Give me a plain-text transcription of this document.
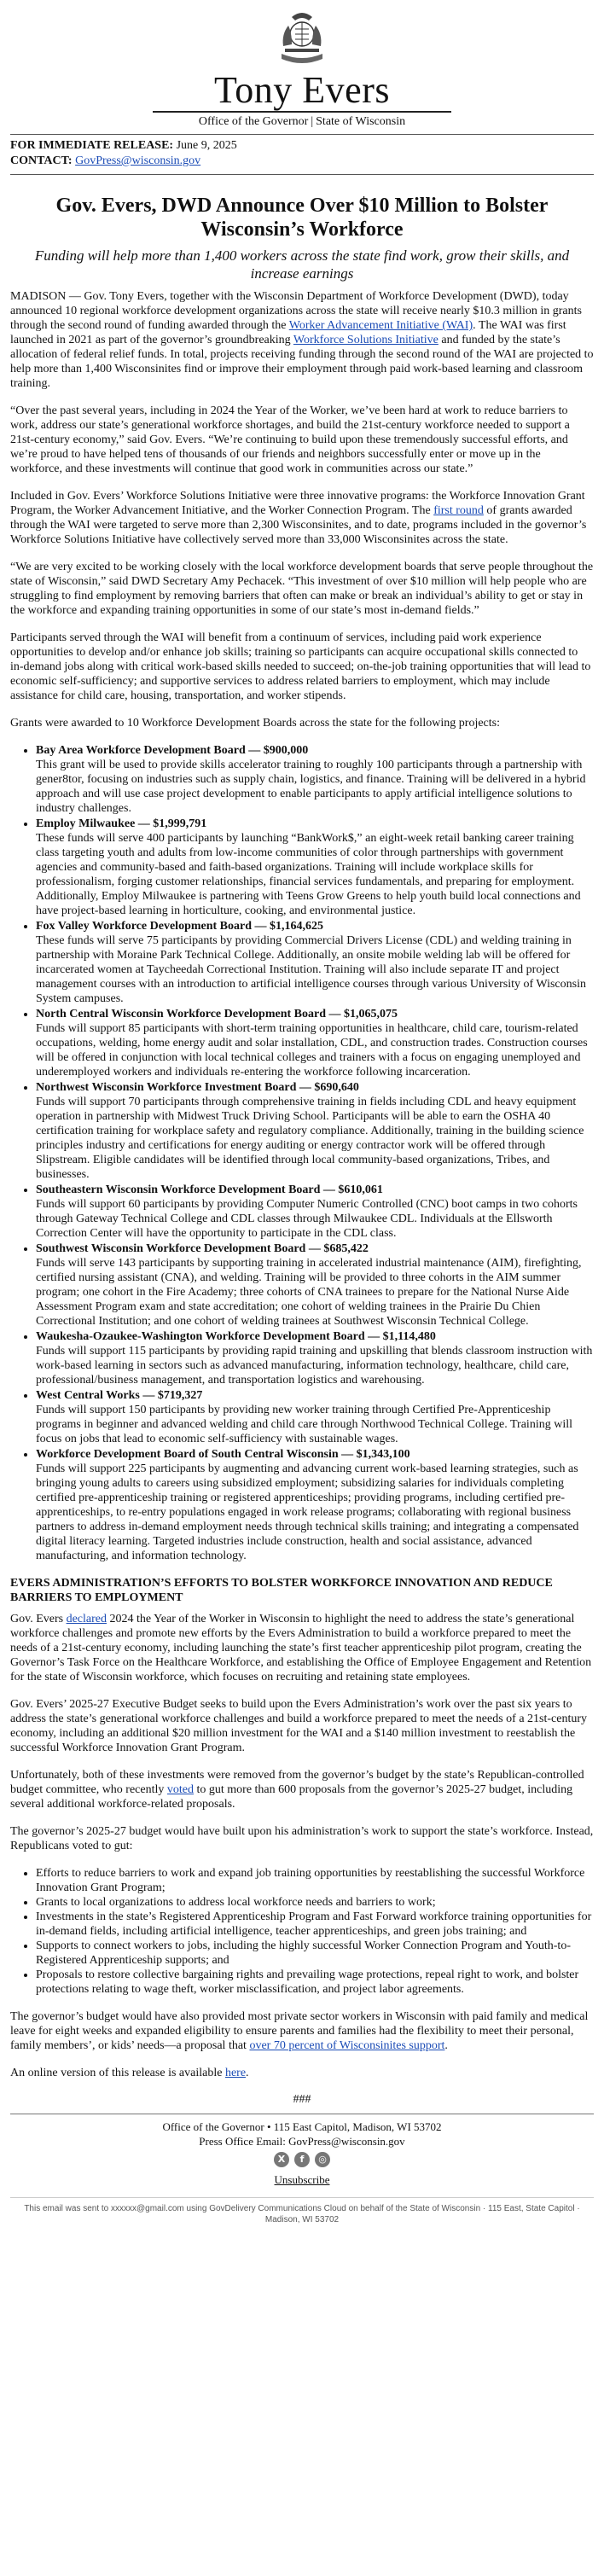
Tony Evers
Office of the Governor | State of Wisconsin
FOR IMMEDIATE RELEASE: June 9, 2025
CONTACT: GovPress@wisconsin.gov
Gov. Evers, DWD Announce Over $10 Million to Bolster Wisconsin’s Workforce
Funding will help more than 1,400 workers across the state find work, grow their skills, and increase earnings

MADISON — Gov. Tony Evers, together with the Wisconsin Department of Workforce Development (DWD), today announced 10 regional workforce development organizations across the state will receive nearly $10.3 million in grants through the second round of funding awarded through the Worker Advancement Initiative (WAI). The WAI was first launched in 2021 as part of the governor’s groundbreaking Workforce Solutions Initiative and funded by the state’s allocation of federal relief funds. In total, projects receiving funding through the second round of the WAI are projected to help more than 1,400 Wisconsinites find or improve their employment through paid work-based learning and classroom training.

“Over the past several years, including in 2024 the Year of the Worker, we’ve been hard at work to reduce barriers to work, address our state’s generational workforce shortages, and build the 21st-century workforce needed to support a 21st-century economy,” said Gov. Evers. “We’re continuing to build upon these tremendously successful efforts, and we’re proud to have helped tens of thousands of our friends and neighbors successfully enter or move up in the workforce, and these investments will continue that good work in communities across our state.”

Included in Gov. Evers’ Workforce Solutions Initiative were three innovative programs: the Workforce Innovation Grant Program, the Worker Advancement Initiative, and the Worker Connection Program. The first round of grants awarded through the WAI were targeted to serve more than 2,300 Wisconsinites, and to date, programs included in the governor’s Workforce Solutions Initiative have collectively served more than 33,000 Wisconsinites across the state.

“We are very excited to be working closely with the local workforce development boards that serve people throughout the state of Wisconsin,” said DWD Secretary Amy Pechacek. “This investment of over $10 million will help people who are struggling to find employment by removing barriers that often can make or break an individual’s ability to get or stay in the workforce and expanding training opportunities in some of our state’s most in-demand fields.”

Participants served through the WAI will benefit from a continuum of services, including paid work experience opportunities to develop and/or enhance job skills; training so participants can acquire occupational skills connected to in-demand jobs along with critical work-based skills needed to succeed; on-the-job training opportunities that will lead to economic self-sufficiency; and supportive services to address related barriers to employment, which may include assistance for child care, housing, transportation, and worker stipends.

Grants were awarded to 10 Workforce Development Boards across the state for the following projects:

• Bay Area Workforce Development Board — $900,000
This grant will be used to provide skills accelerator training to roughly 100 participants through a partnership with gener8tor, focusing on industries such as supply chain, logistics, and finance. Training will be delivered in a hybrid approach and will use case project development to enable participants to apply artificial intelligence solutions to industry challenges.
• Employ Milwaukee — $1,999,791
These funds will serve 400 participants by launching “BankWork$,” an eight-week retail banking career training class targeting youth and adults from low-income communities of color through partnerships with government agencies and community-based and faith-based organizations. Training will include workplace skills for professionalism, forging customer relationships, financial services fundamentals, and preparing for employment. Additionally, Employ Milwaukee is partnering with Teens Grow Greens to help youth build local connections and have project-based learning in horticulture, cooking, and environmental justice.
• Fox Valley Workforce Development Board — $1,164,625
These funds will serve 75 participants by providing Commercial Drivers License (CDL) and welding training in partnership with Moraine Park Technical College. Additionally, an onsite mobile welding lab will be offered for incarcerated women at Taycheedah Correctional Institution. Training will also include separate IT and project management courses with an introduction to artificial intelligence courses through various University of Wisconsin System campuses.
• North Central Wisconsin Workforce Development Board — $1,065,075
Funds will support 85 participants with short-term training opportunities in healthcare, child care, tourism-related occupations, welding, home energy audit and solar installation, CDL, and construction trades. Construction courses will be offered in conjunction with local technical colleges and trainers with a focus on engaging unemployed and underemployed workers and individuals re-entering the workforce following incarceration.
• Northwest Wisconsin Workforce Investment Board — $690,640
Funds will support 70 participants through comprehensive training in fields including CDL and heavy equipment operation in partnership with Midwest Truck Driving School. Participants will be able to earn the OSHA 40 certification training for workplace safety and regulatory compliance. Additionally, training in the building science principles industry and certifications for energy auditing or energy contractor work will be offered through Slipstream. Eligible candidates will be identified through local community-based organizations, Tribes, and businesses.
• Southeastern Wisconsin Workforce Development Board — $610,061
Funds will support 60 participants by providing Computer Numeric Controlled (CNC) boot camps in two cohorts through Gateway Technical College and CDL classes through Milwaukee CDL. Individuals at the Ellsworth Correction Center will have the opportunity to participate in the CDL class.
• Southwest Wisconsin Workforce Development Board — $685,422
Funds will serve 143 participants by supporting training in accelerated industrial maintenance (AIM), firefighting, certified nursing assistant (CNA), and welding. Training will be provided to three cohorts in the AIM summer program; one cohort in the Fire Academy; three cohorts of CNA trainees to prepare for the National Nurse Aide Assessment Program exam and state accreditation; one cohort of welding trainees in the Prairie Du Chien Correctional Institution; and one cohort of welding trainees at Southwest Wisconsin Technical College.
• Waukesha-Ozaukee-Washington Workforce Development Board — $1,114,480
Funds will support 115 participants by providing rapid training and upskilling that blends classroom instruction with work-based learning in sectors such as advanced manufacturing, information technology, healthcare, child care, professional/business management, and transportation logistics and warehousing.
• West Central Works — $719,327
Funds will support 150 participants by providing new worker training through Certified Pre-Apprenticeship programs in beginner and advanced welding and child care through Northwood Technical College. Training will focus on jobs that lead to economic self-sufficiency with sustainable wages.
• Workforce Development Board of South Central Wisconsin — $1,343,100
Funds will support 225 participants by augmenting and advancing current work-based learning strategies, such as bringing young adults to careers using subsidized employment; subsidizing salaries for individuals completing certified pre-apprenticeship training or registered apprenticeships; providing programs, including certified pre-apprenticeships, to re-entry populations engaged in work release programs; collaborating with regional business partners to address in-demand employment needs through technical skills training; and integrating a compensated digital literacy learning. Targeted industries include construction, health and social assistance, advanced manufacturing, and information technology.
EVERS ADMINISTRATION’S EFFORTS TO BOLSTER WORKFORCE INNOVATION AND REDUCE BARRIERS TO EMPLOYMENT

Gov. Evers declared 2024 the Year of the Worker in Wisconsin to highlight the need to address the state’s generational workforce challenges and promote new efforts by the Evers Administration to build a workforce prepared to meet the needs of a 21st-century economy, including launching the state’s first teacher apprenticeship pilot program, creating the Governor’s Task Force on the Healthcare Workforce, and establishing the Office of Employee Engagement and Retention for the state of Wisconsin workforce, which focuses on recruiting and retaining state employees.

Gov. Evers’ 2025-27 Executive Budget seeks to build upon the Evers Administration’s work over the past six years to address the state’s generational workforce challenges and build a workforce prepared to meet the needs of a 21st-century economy, including an additional $20 million investment for the WAI and a $140 million investment to reestablish the successful Workforce Innovation Grant Program.

Unfortunately, both of these investments were removed from the governor’s budget by the state’s Republican-controlled budget committee, who recently voted to gut more than 600 proposals from the governor’s 2025-27 budget, including several additional workforce-related proposals.

The governor’s 2025-27 budget would have built upon his administration’s work to support the state’s workforce. Instead, Republicans voted to gut:

• Efforts to reduce barriers to work and expand job training opportunities by reestablishing the successful Workforce Innovation Grant Program;
• Grants to local organizations to address local workforce needs and barriers to work;
• Investments in the state’s Registered Apprenticeship Program and Fast Forward workforce training opportunities for in-demand fields, including artificial intelligence, teacher apprenticeships, and green jobs training; and
• Supports to connect workers to jobs, including the highly successful Worker Connection Program and Youth-to-Registered Apprenticeship supports; and
• Proposals to restore collective bargaining rights and prevailing wage protections, repeal right to work, and bolster protections relating to wage theft, worker misclassification, and project labor agreements.

The governor’s budget would have also provided most private sector workers in Wisconsin with paid family and medical leave for eight weeks and expanded eligibility to ensure parents and families had the flexibility to meet their personal, family members’, or kids’ needs—a proposal that over 70 percent of Wisconsinites support.

An online version of this release is available here.

###
Office of the Governor • 115 East Capitol, Madison, WI 53702
Press Office Email: GovPress@wisconsin.gov
X	f	◎
Unsubscribe
This email was sent to xxxxxx@gmail.com using GovDelivery Communications Cloud on behalf of the State of Wisconsin · 115 East, State Capitol · Madison, WI 53702
